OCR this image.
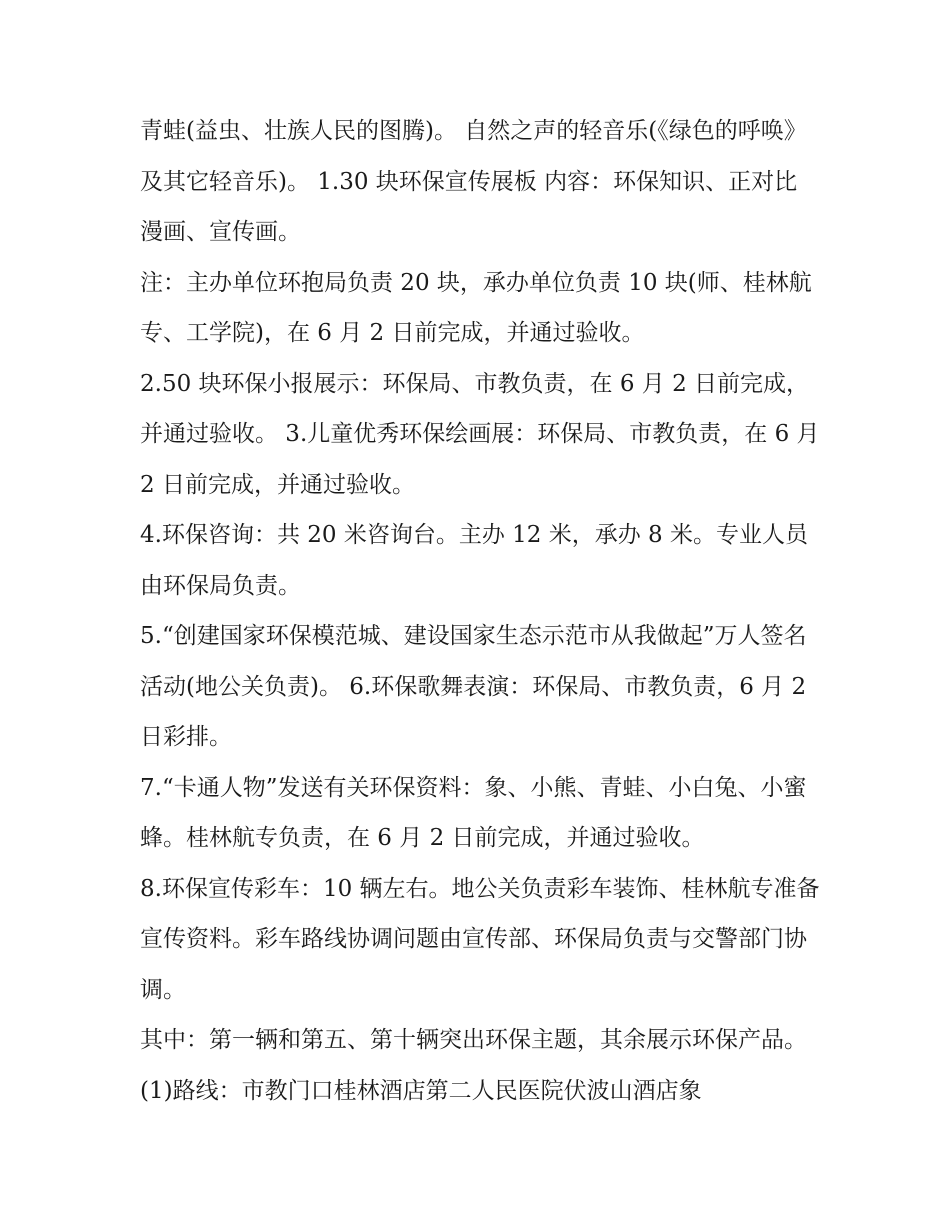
青蛙(益虫、壮族人民的图腾)。 自然之声的轻音乐(《绿色的呼唤》及其它轻音乐)。 1.30 块环保宣传展板 内容：环保知识、正对比漫画、宣传画。

注：主办单位环抱局负责 20 块，承办单位负责 10 块(师、桂林航专、工学院)，在 6 月 2 日前完成，并通过验收。

2.50 块环保小报展示：环保局、市教负责，在 6 月 2 日前完成，并通过验收。 3.儿童优秀环保绘画展：环保局、市教负责，在 6 月 2 日前完成，并通过验收。

4.环保咨询：共 20 米咨询台。主办 12 米，承办 8 米。专业人员由环保局负责。

5.“创建国家环保模范城、建设国家生态示范市从我做起”万人签名活动(地公关负责)。 6.环保歌舞表演：环保局、市教负责，6 月 2 日彩排。

7.“卡通人物”发送有关环保资料：象、小熊、青蛙、小白兔、小蜜蜂。桂林航专负责，在 6 月 2 日前完成，并通过验收。

8.环保宣传彩车：10 辆左右。地公关负责彩车装饰、桂林航专准备宣传资料。彩车路线协调问题由宣传部、环保局负责与交警部门协调。

其中：第一辆和第五、第十辆突出环保主题，其余展示环保产品。 (1)路线：市教门口桂林酒店第二人民医院伏波山酒店象
